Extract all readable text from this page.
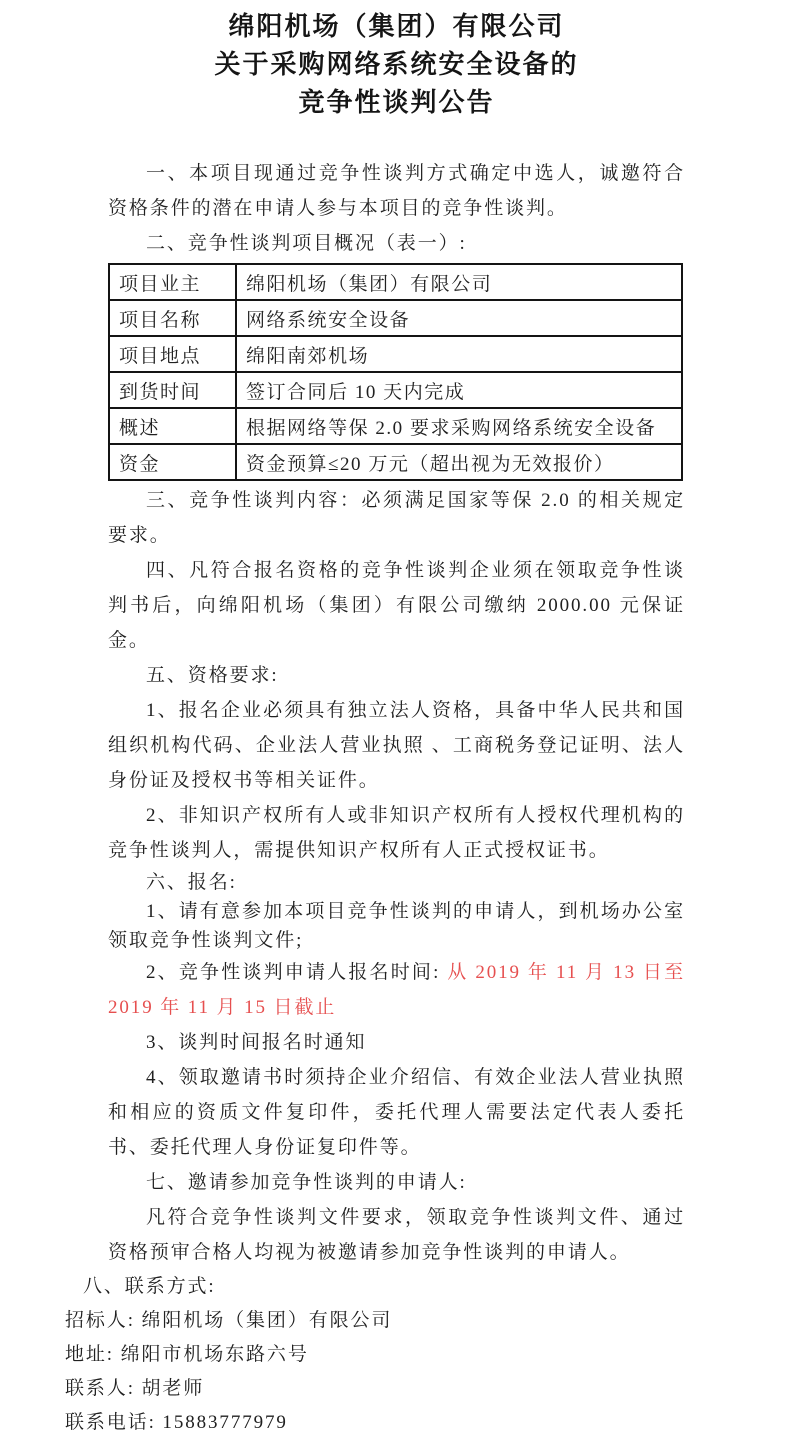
绵阳机场（集团）有限公司
关于采购网络系统安全设备的
竞争性谈判公告

一、本项目现通过竞争性谈判方式确定中选人，诚邀符合资格条件的潜在申请人参与本项目的竞争性谈判。

二、竞争性谈判项目概况（表一）:

项目业主	绵阳机场（集团）有限公司
项目名称	网络系统安全设备
项目地点	绵阳南郊机场
到货时间	签订合同后 10 天内完成
概述	根据网络等保 2.0 要求采购网络系统安全设备
资金	资金预算≤20 万元（超出视为无效报价）

三、竞争性谈判内容：必须满足国家等保 2.0 的相关规定要求。

四、凡符合报名资格的竞争性谈判企业须在领取竞争性谈判书后，向绵阳机场（集团）有限公司缴纳 2000.00 元保证金。

五、资格要求:

1、报名企业必须具有独立法人资格，具备中华人民共和国组织机构代码、企业法人营业执照 、工商税务登记证明、法人身份证及授权书等相关证件。

2、非知识产权所有人或非知识产权所有人授权代理机构的竞争性谈判人，需提供知识产权所有人正式授权证书。

六、报名:

1、请有意参加本项目竞争性谈判的申请人，到机场办公室领取竞争性谈判文件;

2、竞争性谈判申请人报名时间: 从 2019 年 11 月 13 日至 2019 年 11 月 15 日截止

3、谈判时间报名时通知

4、领取邀请书时须持企业介绍信、有效企业法人营业执照和相应的资质文件复印件，委托代理人需要法定代表人委托书、委托代理人身份证复印件等。

七、邀请参加竞争性谈判的申请人:

凡符合竞争性谈判文件要求，领取竞争性谈判文件、通过资格预审合格人均视为被邀请参加竞争性谈判的申请人。

八、联系方式:

招标人: 绵阳机场（集团）有限公司

地址: 绵阳市机场东路六号

联系人: 胡老师

联系电话: 15883777979
